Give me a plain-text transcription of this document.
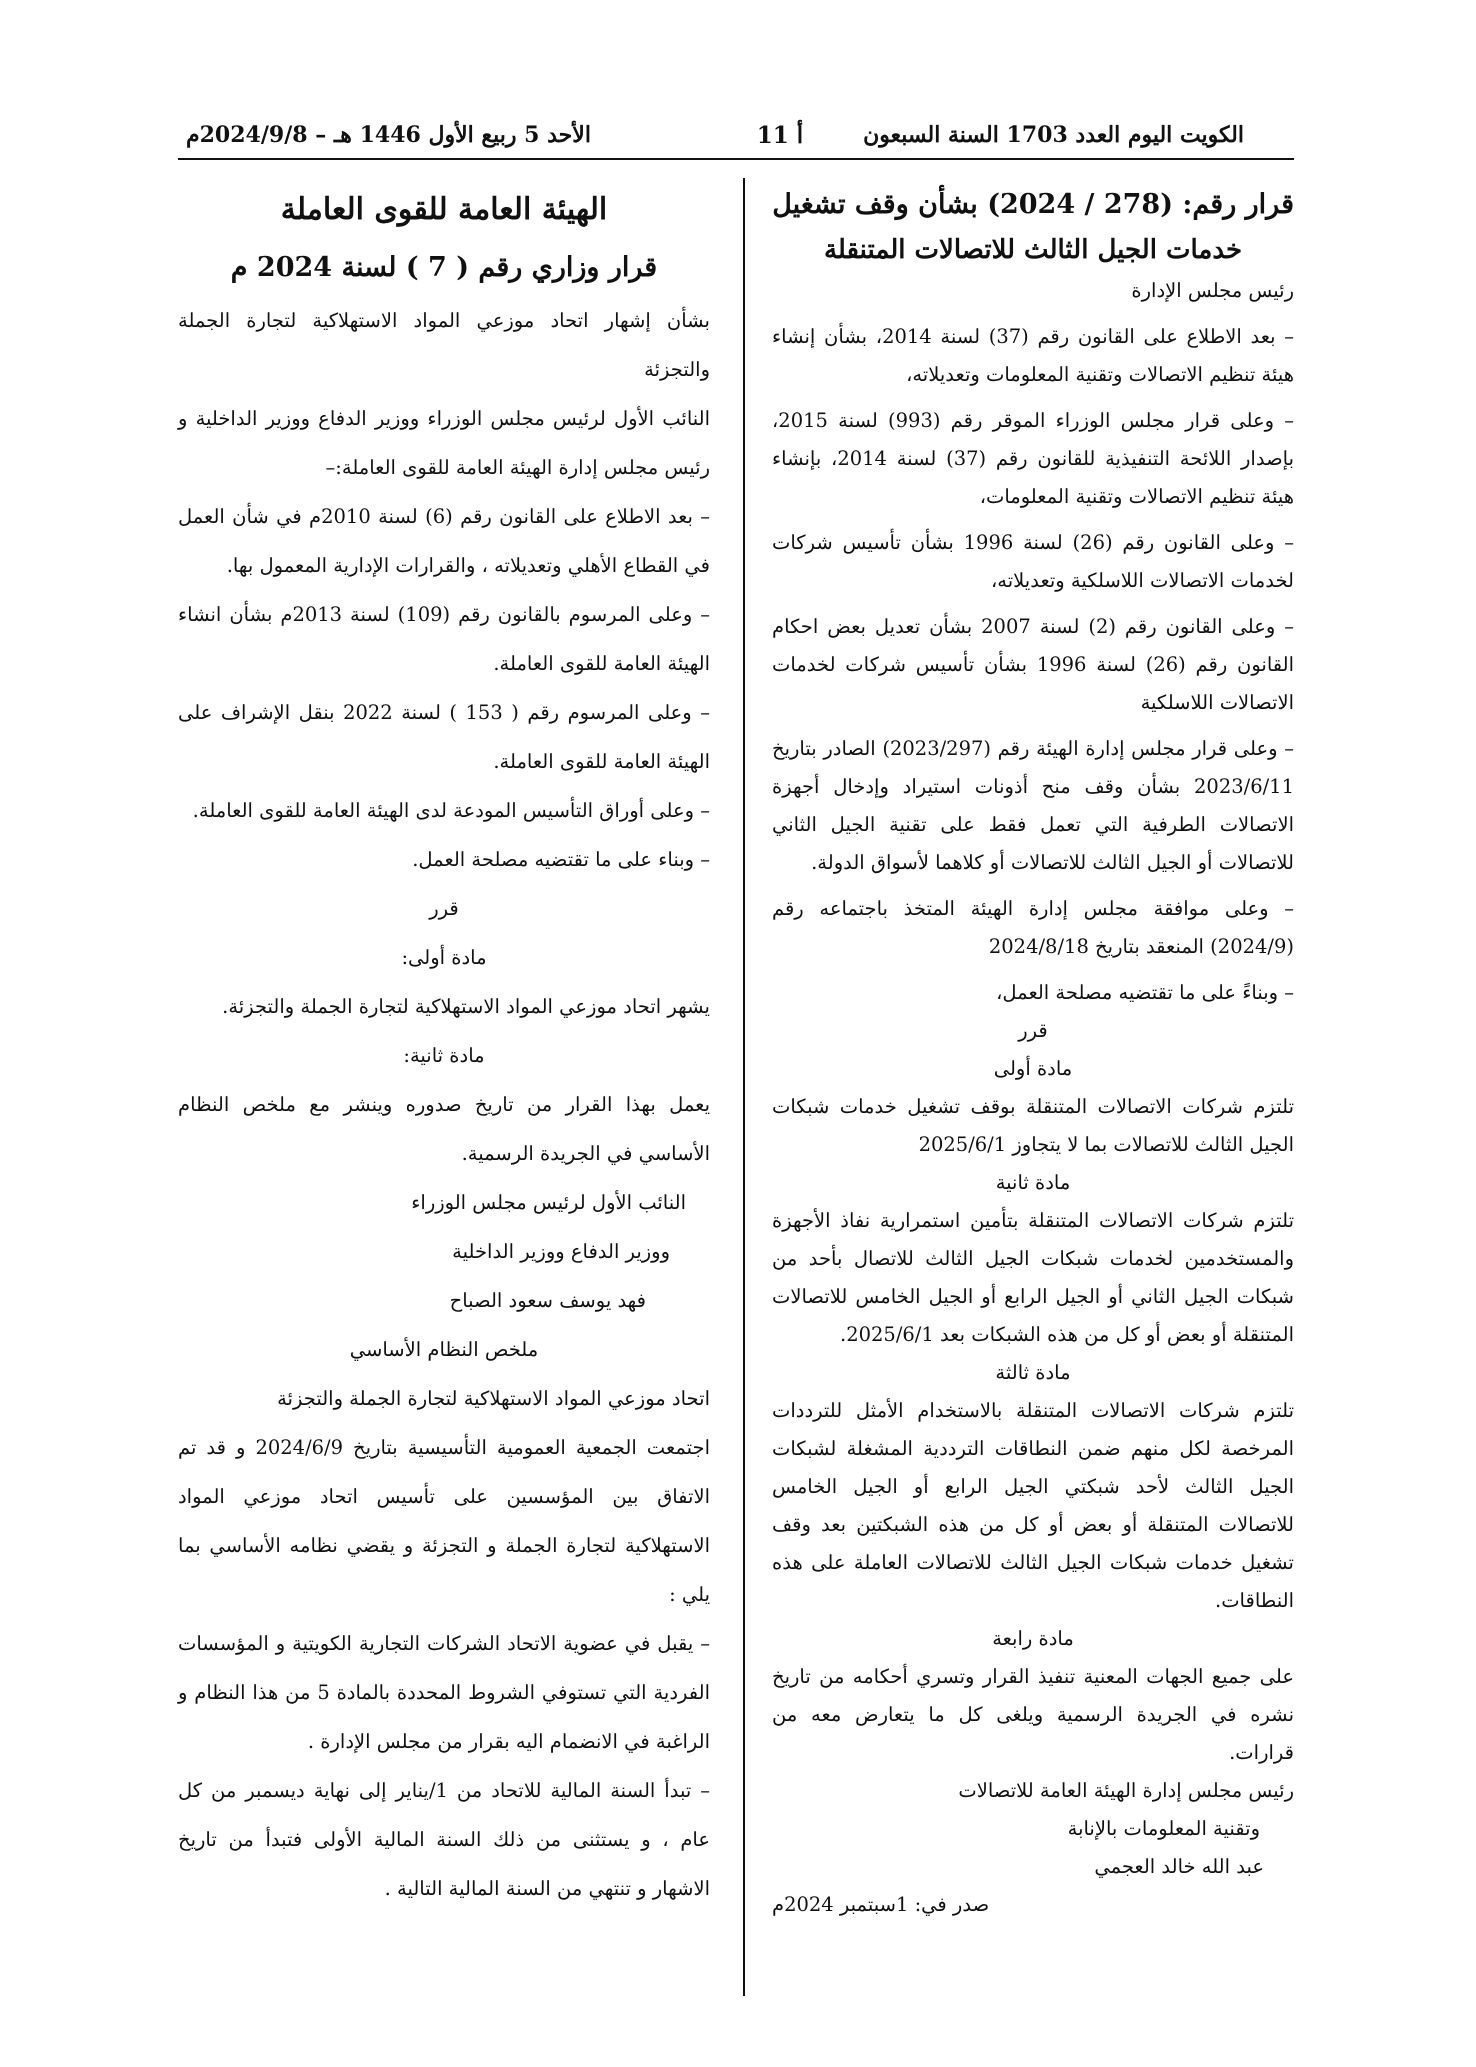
الكويت اليوم العدد 1703 السنة السبعون
أ 11
الأحد 5 ربيع الأول 1446 هـ – 2024/9/8م

قرار رقم: (278 / 2024) بشأن وقف تشغيل

خدمات الجيل الثالث للاتصالات المتنقلة

رئيس مجلس الإدارة

– بعد الاطلاع على القانون رقم (37) لسنة 2014، بشأن إنشاء هيئة تنظيم الاتصالات وتقنية المعلومات وتعديلاته،

– وعلى قرار مجلس الوزراء الموقر رقم (993) لسنة 2015، بإصدار اللائحة التنفيذية للقانون رقم (37) لسنة 2014، بإنشاء هيئة تنظيم الاتصالات وتقنية المعلومات،

– وعلى القانون رقم (26) لسنة 1996 بشأن تأسيس شركات لخدمات الاتصالات اللاسلكية وتعديلاته،

– وعلى القانون رقم (2) لسنة 2007 بشأن تعديل بعض احكام القانون رقم (26) لسنة 1996 بشأن تأسيس شركات لخدمات الاتصالات اللاسلكية

– وعلى قرار مجلس إدارة الهيئة رقم (2023/297) الصادر بتاريخ 2023/6/11 بشأن وقف منح أذونات استيراد وإدخال أجهزة الاتصالات الطرفية التي تعمل فقط على تقنية الجيل الثاني للاتصالات أو الجيل الثالث للاتصالات أو كلاهما لأسواق الدولة.

– وعلى موافقة مجلس إدارة الهيئة المتخذ باجتماعه رقم (2024/9) المنعقد بتاريخ 2024/8/18

– وبناءً على ما تقتضيه مصلحة العمل،

قرر

مادة أولى

تلتزم شركات الاتصالات المتنقلة بوقف تشغيل خدمات شبكات الجيل الثالث للاتصالات بما لا يتجاوز 2025/6/1

مادة ثانية

تلتزم شركات الاتصالات المتنقلة بتأمين استمرارية نفاذ الأجهزة والمستخدمين لخدمات شبكات الجيل الثالث للاتصال بأحد من شبكات الجيل الثاني أو الجيل الرابع أو الجيل الخامس للاتصالات المتنقلة أو بعض أو كل من هذه الشبكات بعد 2025/6/1.

مادة ثالثة

تلتزم شركات الاتصالات المتنقلة بالاستخدام الأمثل للترددات المرخصة لكل منهم ضمن النطاقات الترددية المشغلة لشبكات الجيل الثالث لأحد شبكتي الجيل الرابع أو الجيل الخامس للاتصالات المتنقلة أو بعض أو كل من هذه الشبكتين بعد وقف تشغيل خدمات شبكات الجيل الثالث للاتصالات العاملة على هذه النطاقات.

مادة رابعة

على جميع الجهات المعنية تنفيذ القرار وتسري أحكامه من تاريخ نشره في الجريدة الرسمية ويلغى كل ما يتعارض معه من قرارات.

رئيس مجلس إدارة الهيئة العامة للاتصالات

وتقنية المعلومات بالإنابة

عبد الله خالد العجمي

صدر في: 1سبتمبر 2024م

الهيئة العامة للقوى العاملة

قرار وزاري رقم ( 7 ) لسنة 2024 م

بشأن إشهار اتحاد موزعي المواد الاستهلاكية لتجارة الجملة والتجزئة

النائب الأول لرئيس مجلس الوزراء ووزير الدفاع ووزير الداخلية و رئيس مجلس إدارة الهيئة العامة للقوى العاملة:–

– بعد الاطلاع على القانون رقم (6) لسنة 2010م في شأن العمل في القطاع الأهلي وتعديلاته ، والقرارات الإدارية المعمول بها.

– وعلى المرسوم بالقانون رقم (109) لسنة 2013م بشأن انشاء الهيئة العامة للقوى العاملة.

– وعلى المرسوم رقم ( 153 ) لسنة 2022 بنقل الإشراف على الهيئة العامة للقوى العاملة.

– وعلى أوراق التأسيس المودعة لدى الهيئة العامة للقوى العاملة.

– وبناء على ما تقتضيه مصلحة العمل.

قرر

مادة أولى:

يشهر اتحاد موزعي المواد الاستهلاكية لتجارة الجملة والتجزئة.

مادة ثانية:

يعمل بهذا القرار من تاريخ صدوره وينشر مع ملخص النظام الأساسي في الجريدة الرسمية.

النائب الأول لرئيس مجلس الوزراء

ووزير الدفاع ووزير الداخلية

فهد يوسف سعود الصباح

ملخص النظام الأساسي

اتحاد موزعي المواد الاستهلاكية لتجارة الجملة والتجزئة

اجتمعت الجمعية العمومية التأسيسية بتاريخ 2024/6/9 و قد تم الاتفاق بين المؤسسين على تأسيس اتحاد موزعي المواد الاستهلاكية لتجارة الجملة و التجزئة و يقضي نظامه الأساسي بما يلي :

– يقبل في عضوية الاتحاد الشركات التجارية الكويتية و المؤسسات الفردية التي تستوفي الشروط المحددة بالمادة 5 من هذا النظام و الراغبة في الانضمام اليه بقرار من مجلس الإدارة .

– تبدأ السنة المالية للاتحاد من 1/يناير إلى نهاية ديسمبر من كل عام ، و يستثنى من ذلك السنة المالية الأولى فتبدأ من تاريخ الاشهار و تنتهي من السنة المالية التالية .
